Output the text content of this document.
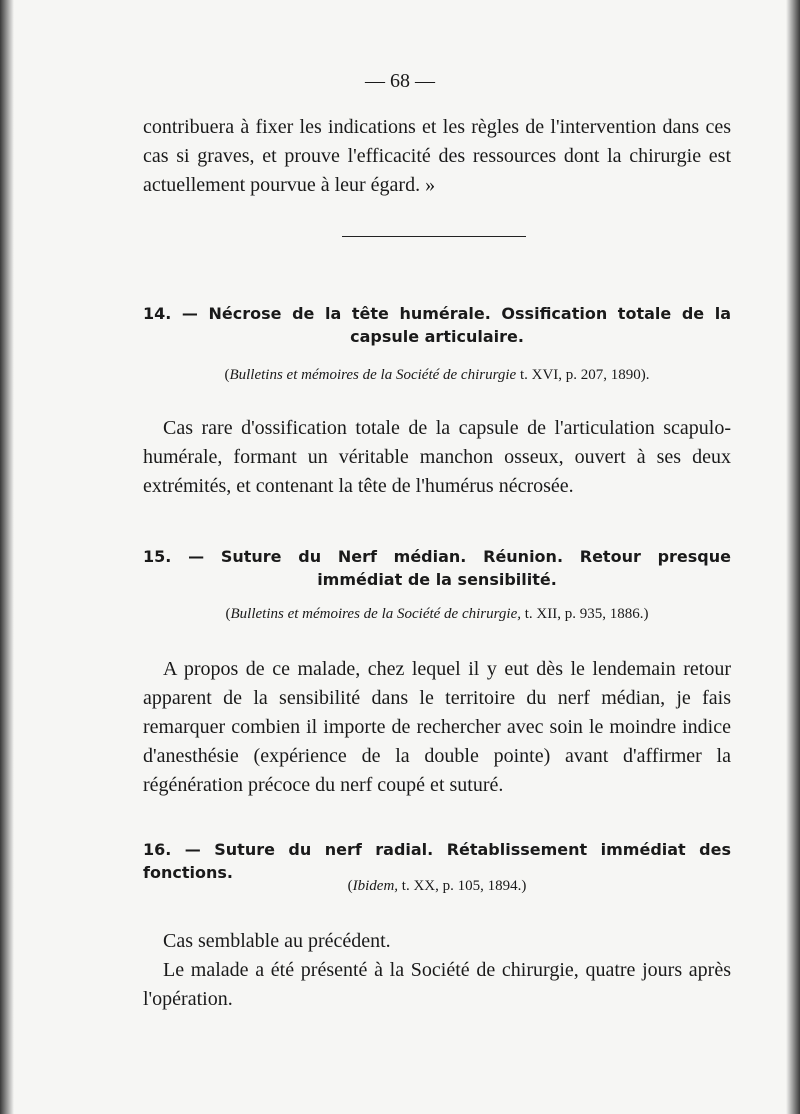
— 68 —
contribuera à fixer les indications et les règles de l'intervention dans ces cas si graves, et prouve l'efficacité des ressources dont la chirurgie est actuellement pourvue à leur égard. »
14. — Nécrose de la tête humérale. Ossification totale de la capsule articulaire.
(Bulletins et mémoires de la Société de chirurgie t. XVI, p. 207, 1890).
Cas rare d'ossification totale de la capsule de l'articulation scapulo-humérale, formant un véritable manchon osseux, ouvert à ses deux extrémités, et contenant la tête de l'humérus nécrosée.
15. — Suture du Nerf médian. Réunion. Retour presque immédiat de la sensibilité.
(Bulletins et mémoires de la Société de chirurgie, t. XII, p. 935, 1886.)
A propos de ce malade, chez lequel il y eut dès le lendemain retour apparent de la sensibilité dans le territoire du nerf médian, je fais remarquer combien il importe de rechercher avec soin le moindre indice d'anesthésie (expérience de la double pointe) avant d'affirmer la régénération précoce du nerf coupé et suturé.
16. — Suture du nerf radial. Rétablissement immédiat des fonctions.
(Ibidem, t. XX, p. 105, 1894.)
Cas semblable au précédent.
Le malade a été présenté à la Société de chirurgie, quatre jours après l'opération.
